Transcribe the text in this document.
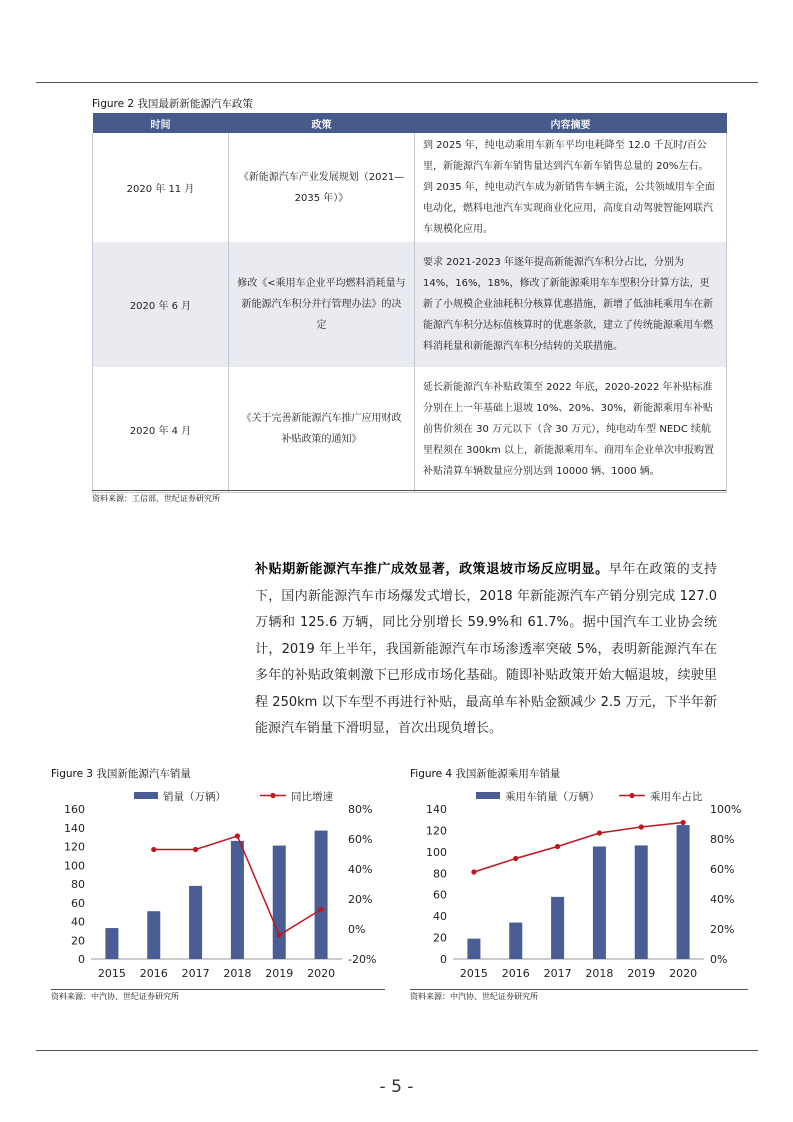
Figure 2 我国最新新能源汽车政策
时间	政策	内容摘要
2020 年 11 月	《新能源汽车产业发展规划（2021—2035 年）》	到 2025 年，纯电动乘用车新车平均电耗降至 12.0 千瓦时/百公里，新能源汽车新车销售量达到汽车新车销售总量的 20%左右。到 2035 年，纯电动汽车成为新销售车辆主流，公共领域用车全面电动化，燃料电池汽车实现商业化应用，高度自动驾驶智能网联汽车规模化应用。
2020 年 6 月	修改《<乘用车企业平均燃料消耗量与新能源汽车积分并行管理办法》的决定	要求 2021-2023 年逐年提高新能源汽车积分占比，分别为 14%，16%，18%，修改了新能源乘用车车型积分计算方法，更新了小规模企业油耗积分核算优惠措施，新增了低油耗乘用车在新能源汽车积分达标值核算时的优惠条款，建立了传统能源乘用车燃料消耗量和新能源汽车积分结转的关联措施。
2020 年 4 月	《关于完善新能源汽车推广应用财政补贴政策的通知》	延长新能源汽车补贴政策至 2022 年底，2020-2022 年补贴标准分别在上一年基础上退坡 10%、20%、30%，新能源乘用车补贴前售价须在 30 万元以下（含 30 万元），纯电动车型 NEDC 续航里程须在 300km 以上，新能源乘用车、商用车企业单次申报购置补贴清算车辆数量应分别达到 10000 辆、1000 辆。
资料来源：工信部、世纪证券研究所
补贴期新能源汽车推广成效显著，政策退坡市场反应明显。早年在政策的支持下，国内新能源汽车市场爆发式增长，2018 年新能源汽车产销分别完成 127.0 万辆和 125.6 万辆，同比分别增长 59.9%和 61.7%。据中国汽车工业协会统计，2019 年上半年，我国新能源汽车市场渗透率突破 5%，表明新能源汽车在多年的补贴政策刺激下已形成市场化基础。随即补贴政策开始大幅退坡，续驶里程 250km 以下车型不再进行补贴，最高单车补贴金额减少 2.5 万元，下半年新能源汽车销量下滑明显，首次出现负增长。
Figure 3 我国新能源汽车销量
0
20
40
60
80
100
120
140
160
-20%
0%
20%
40%
60%
80%
2015 2016 2017 2018 2019 2020
销量（万辆）	同比增速
资料来源：中汽协、世纪证券研究所
Figure 4 我国新能源乘用车销量
0
20
40
60
80
100
120
140
0%
20%
40%
60%
80%
100%
2015 2016 2017 2018 2019 2020
乘用车销量（万辆）	乘用车占比
资料来源：中汽协、世纪证券研究所
- 5 -
